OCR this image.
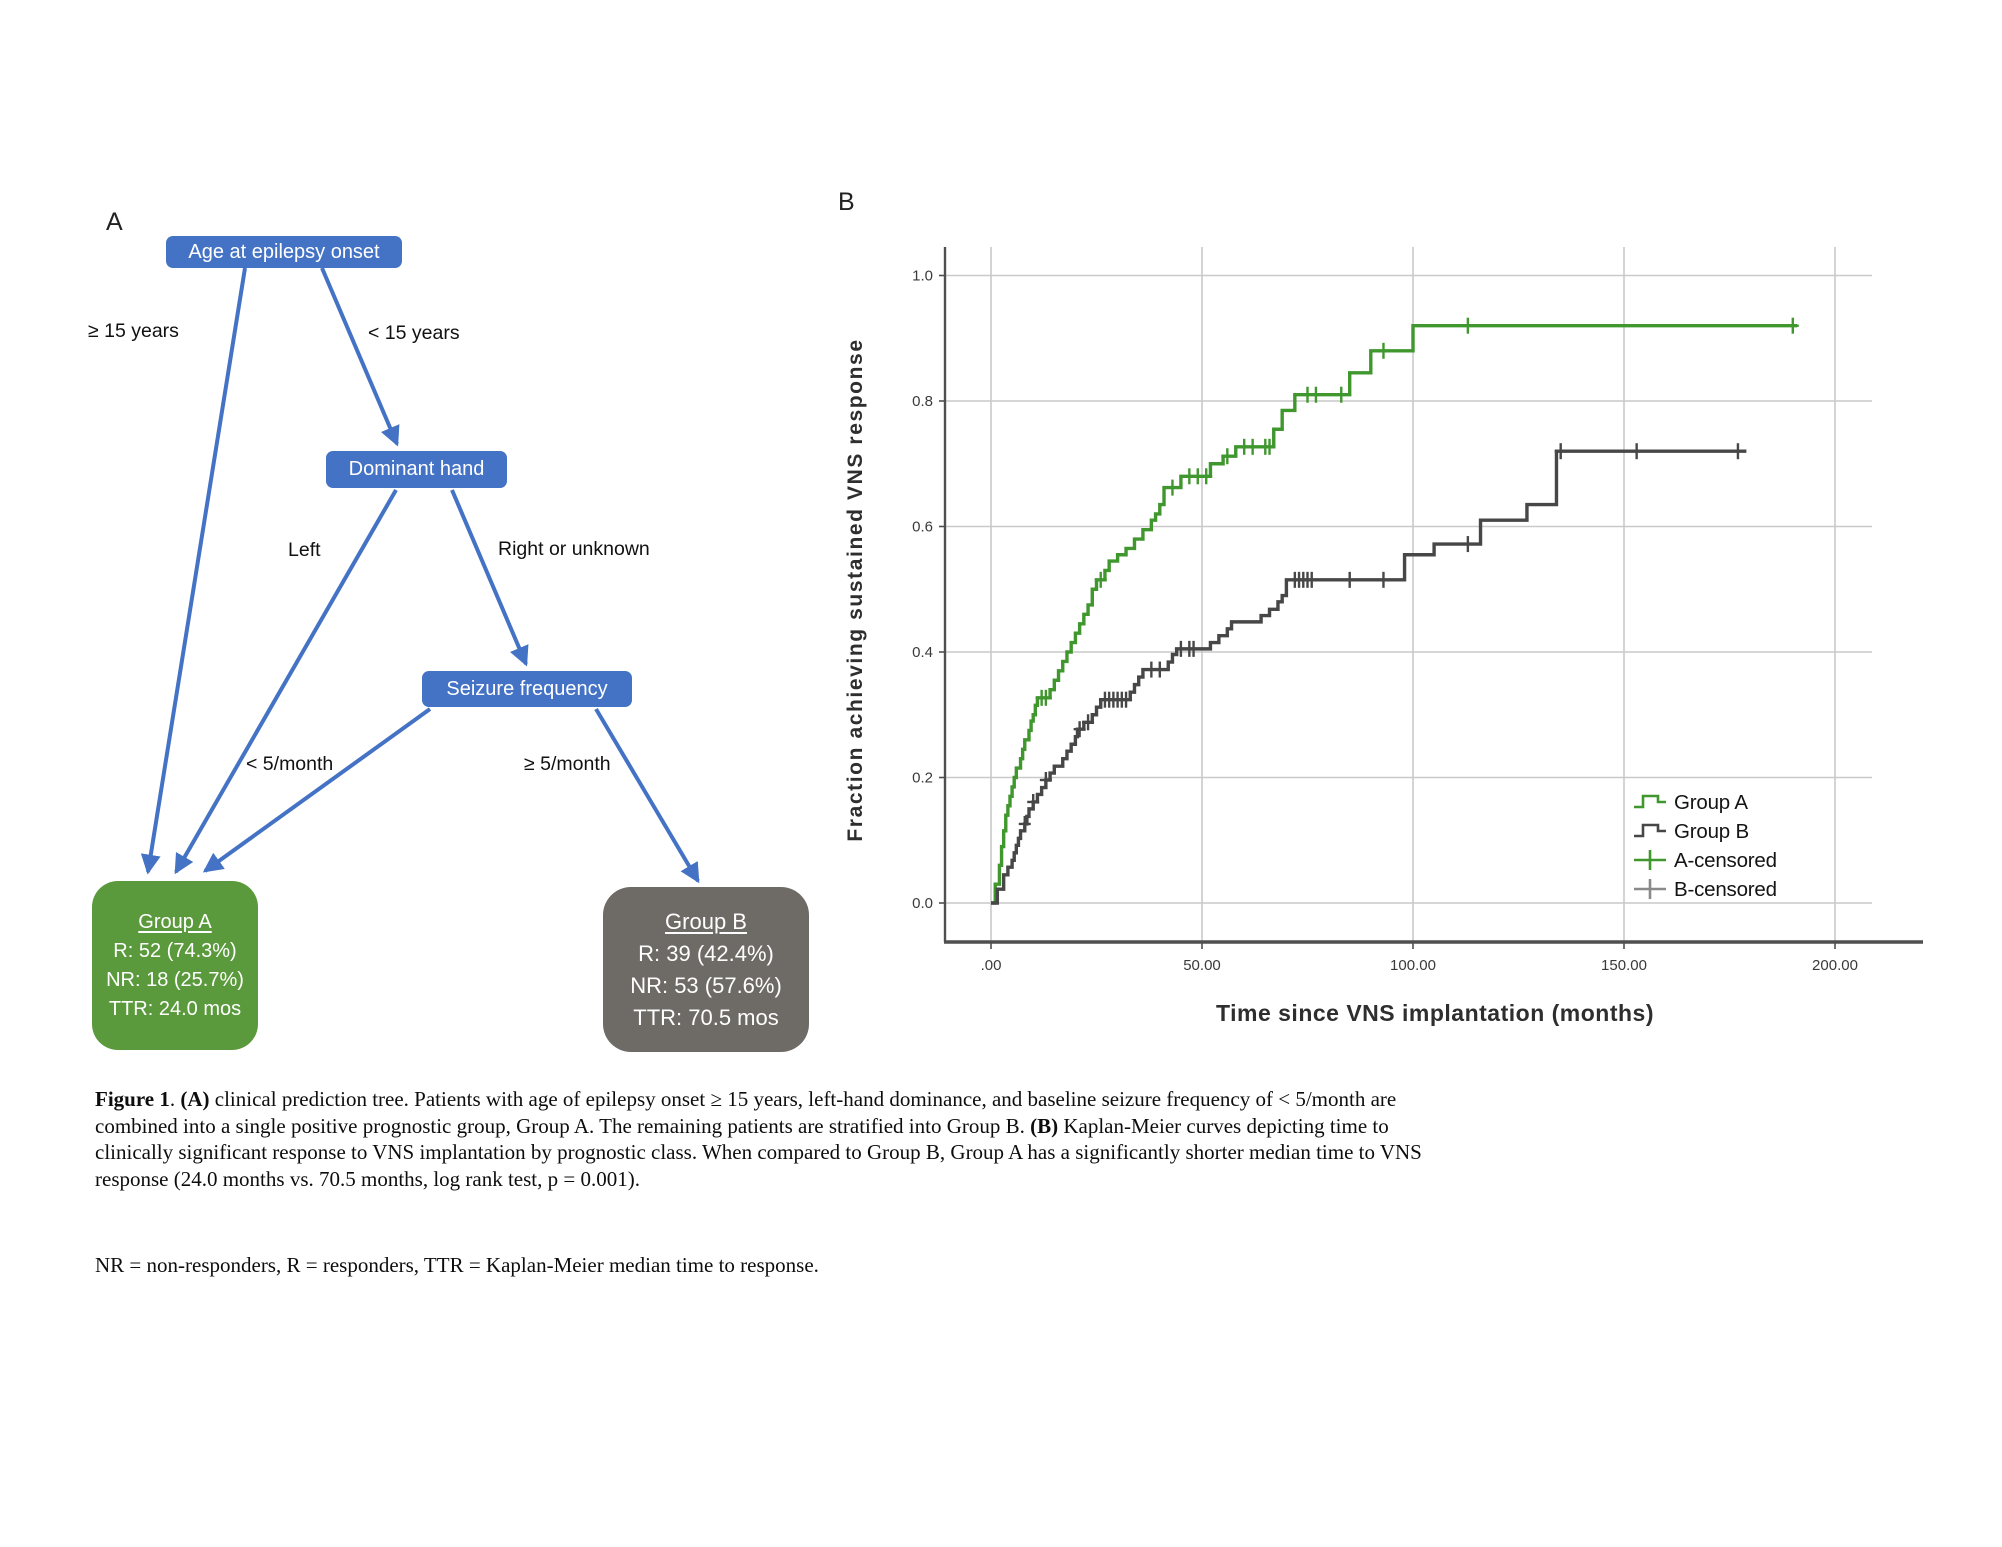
A
Age at epilepsy onset
Dominant hand
Seizure frequency
≥ 15 years	< 15 years
Left	Right or unknown
< 5/month	≥ 5/month
Group A
R: 52 (74.3%)
NR: 18 (25.7%)
TTR: 24.0 mos
Group B
R: 39 (42.4%)
NR: 53 (57.6%)
TTR: 70.5 mos
B
.00	50.00	100.00	150.00	200.00
0.0
0.2
0.4
0.6
0.8
1.0
Group A
Group B
A-censored
B-censored
Fraction achieving sustained VNS response
Time since VNS implantation (months)
Figure 1. (A) clinical prediction tree. Patients with age of epilepsy onset ≥ 15 years, left-hand dominance, and baseline seizure frequency of < 5/month are
combined into a single positive prognostic group, Group A. The remaining patients are stratified into Group B. (B) Kaplan-Meier curves depicting time to
clinically significant response to VNS implantation by prognostic class. When compared to Group B, Group A has a significantly shorter median time to VNS
response (24.0 months vs. 70.5 months, log rank test, p = 0.001).
NR = non-responders, R = responders, TTR = Kaplan-Meier median time to response.
